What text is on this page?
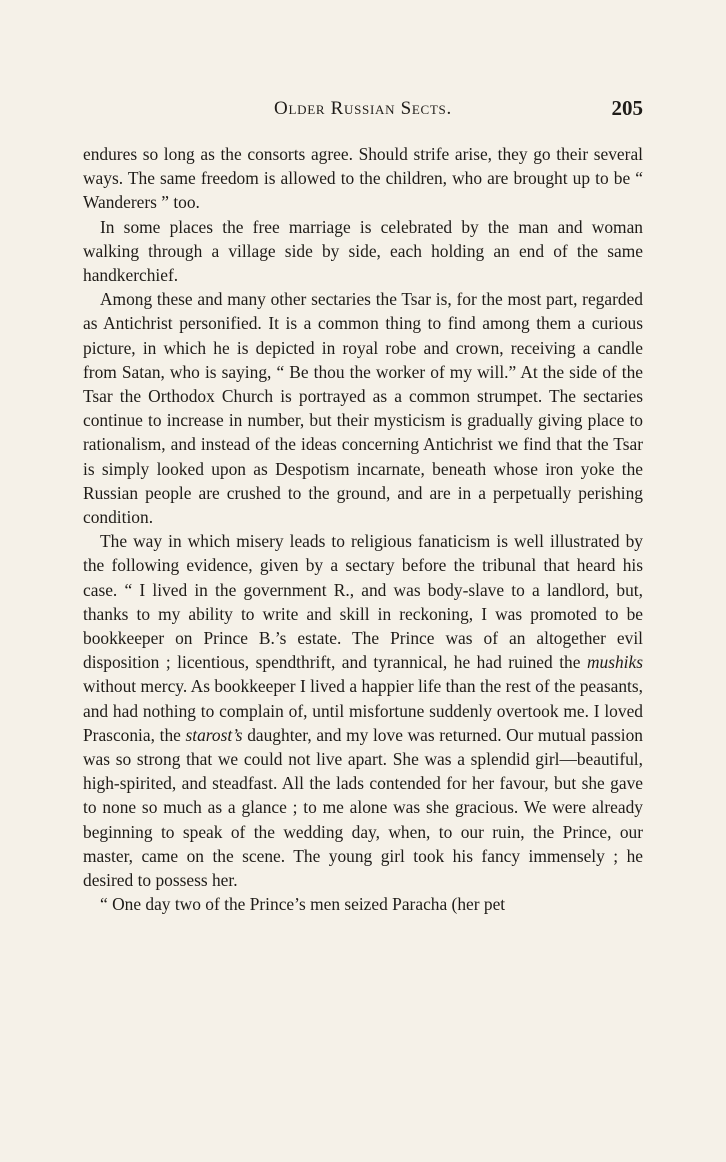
Older Russian Sects.	205

endures so long as the consorts agree. Should strife arise, they go their several ways. The same freedom is allowed to the children, who are brought up to be “ Wanderers ” too.

In some places the free marriage is celebrated by the man and woman walking through a village side by side, each holding an end of the same handkerchief.

Among these and many other sectaries the Tsar is, for the most part, regarded as Antichrist personified. It is a common thing to find among them a curious picture, in which he is depicted in royal robe and crown, receiving a candle from Satan, who is saying, “ Be thou the worker of my will.” At the side of the Tsar the Orthodox Church is portrayed as a common strumpet. The sectaries continue to increase in number, but their mysticism is gradually giving place to rationalism, and instead of the ideas concerning Antichrist we find that the Tsar is simply looked upon as Despotism incarnate, beneath whose iron yoke the Russian people are crushed to the ground, and are in a perpetually perishing condition.

The way in which misery leads to religious fanaticism is well illustrated by the following evidence, given by a sectary before the tribunal that heard his case. “ I lived in the government R., and was body-slave to a landlord, but, thanks to my ability to write and skill in reckoning, I was promoted to be bookkeeper on Prince B.’s estate. The Prince was of an altogether evil disposition ; licentious, spendthrift, and tyrannical, he had ruined the mushiks without mercy. As bookkeeper I lived a happier life than the rest of the peasants, and had nothing to complain of, until misfortune suddenly overtook me. I loved Prasconia, the starost’s daughter, and my love was returned. Our mutual passion was so strong that we could not live apart. She was a splendid girl—beautiful, high-spirited, and steadfast. All the lads contended for her favour, but she gave to none so much as a glance ; to me alone was she gracious. We were already beginning to speak of the wedding day, when, to our ruin, the Prince, our master, came on the scene. The young girl took his fancy immensely ; he desired to possess her.

“ One day two of the Prince’s men seized Paracha (her pet
